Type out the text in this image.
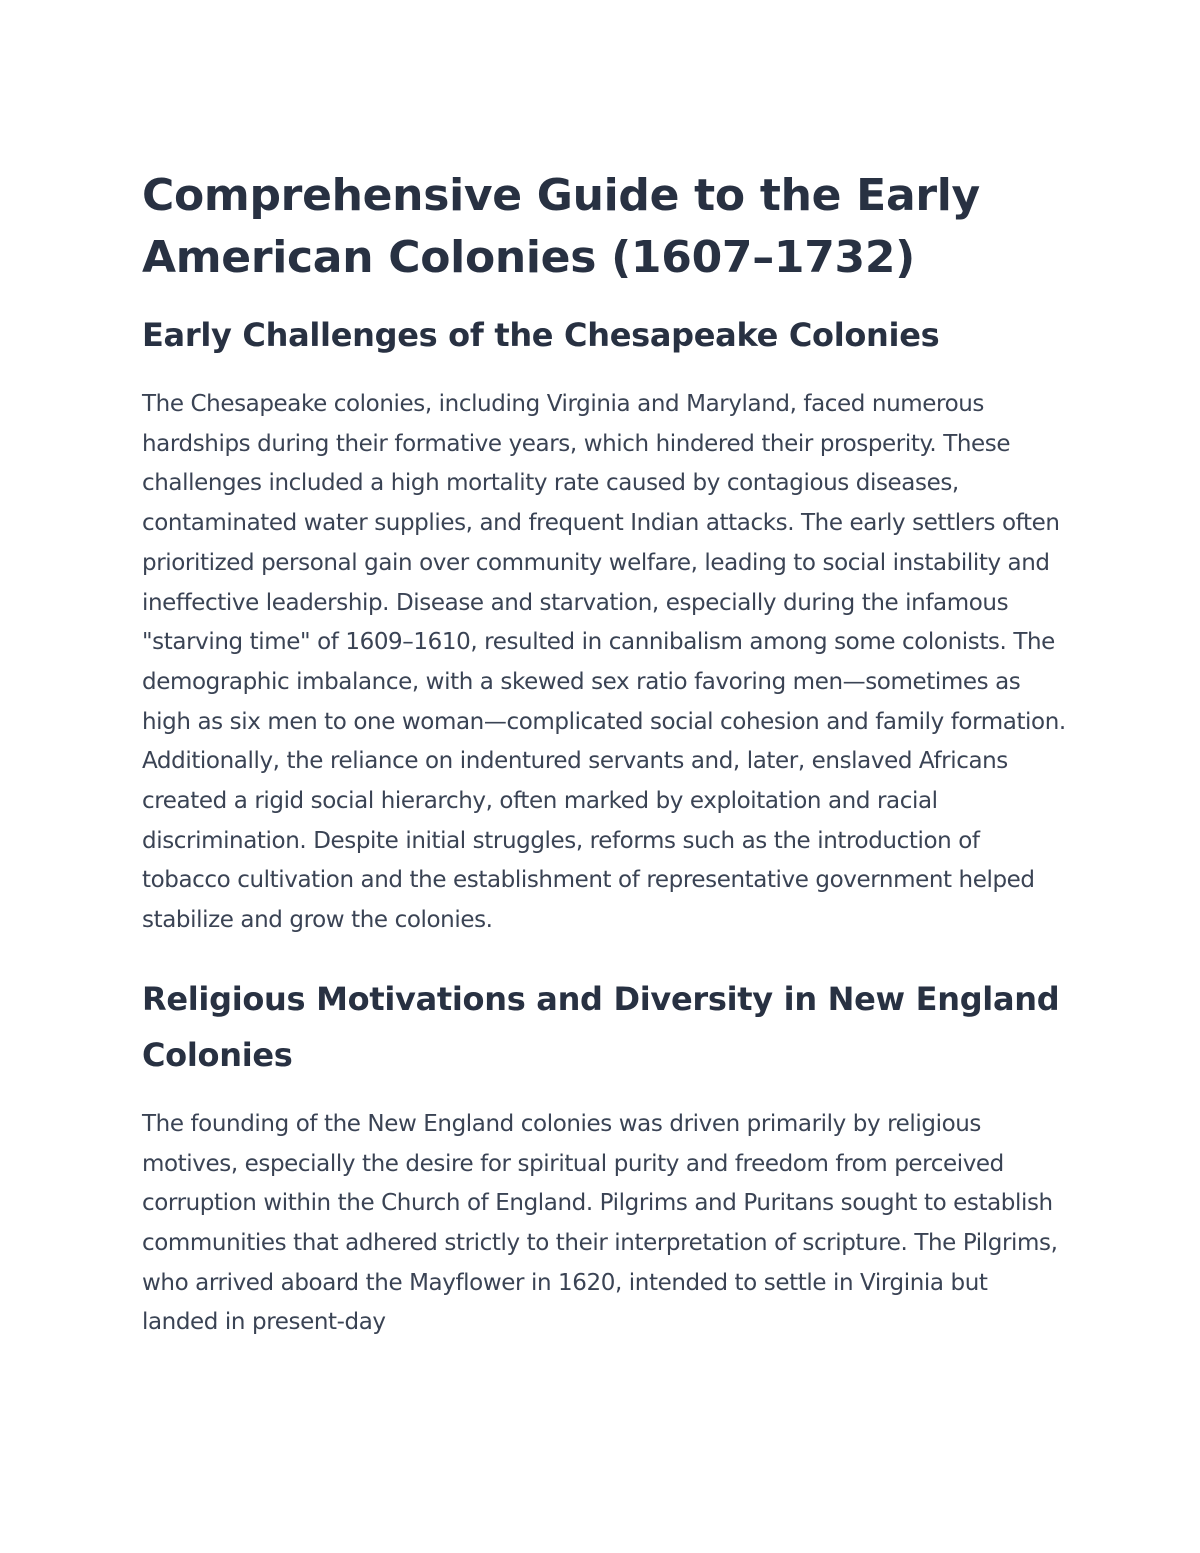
Comprehensive Guide to the Early American Colonies (1607–1732)
Early Challenges of the Chesapeake Colonies

The Chesapeake colonies, including Virginia and Maryland, faced numerous hardships during their formative years, which hindered their prosperity. These challenges included a high mortality rate caused by contagious diseases, contaminated water supplies, and frequent Indian attacks. The early settlers often prioritized personal gain over community welfare, leading to social instability and ineffective leadership. Disease and starvation, especially during the infamous "starving time" of 1609–1610, resulted in cannibalism among some colonists. The demographic imbalance, with a skewed sex ratio favoring men—sometimes as high as six men to one woman—complicated social cohesion and family formation. Additionally, the reliance on indentured servants and, later, enslaved Africans created a rigid social hierarchy, often marked by exploitation and racial discrimination. Despite initial struggles, reforms such as the introduction of tobacco cultivation and the establishment of representative government helped stabilize and grow the colonies.

Religious Motivations and Diversity in New England Colonies

The founding of the New England colonies was driven primarily by religious motives, especially the desire for spiritual purity and freedom from perceived corruption within the Church of England. Pilgrims and Puritans sought to establish communities that adhered strictly to their interpretation of scripture. The Pilgrims, who arrived aboard the Mayflower in 1620, intended to settle in Virginia but landed in present-day
